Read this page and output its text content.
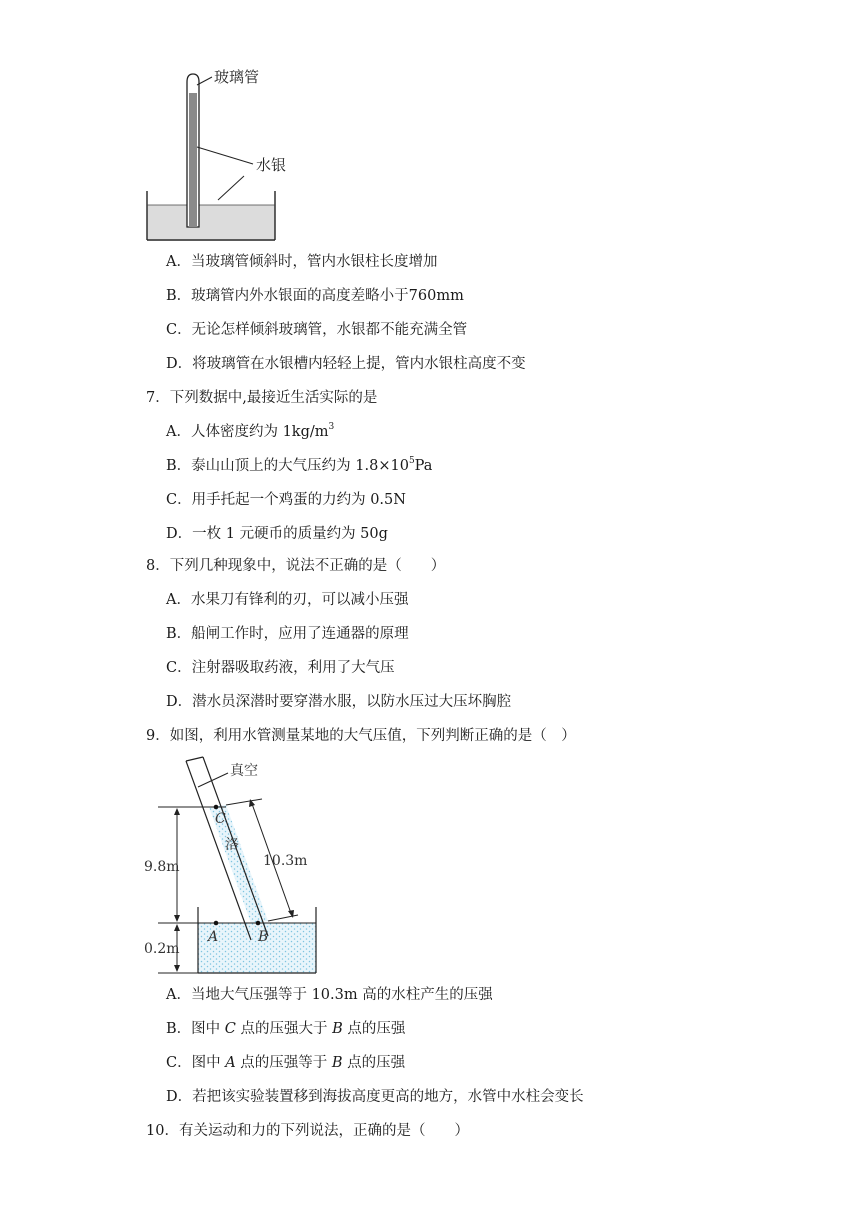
玻璃管
水银
A．当玻璃管倾斜时，管内水银柱长度增加
B．玻璃管内外水银面的高度差略小于760mm
C．无论怎样倾斜玻璃管，水银都不能充满全管
D．将玻璃管在水银槽内轻轻上提，管内水银柱高度不变
7．下列数据中,最接近生活实际的是
A．人体密度约为 $1kg/m^3$
B．泰山山顶上的大气压约为 $1.8\times 10^5Pa$
C．用手托起一个鸡蛋的力约为 0.5N
D．一枚 1 元硬币的质量约为 50g
8．下列几种现象中，说法不正确的是（　　）
A．水果刀有锋利的刃，可以减小压强
B．船闸工作时，应用了连通器的原理
C．注射器吸取药液，利用了大气压
D．潜水员深潜时要穿潜水服，以防水压过大压坏胸腔
9．如图，利用水管测量某地的大气压值，下列判断正确的是（　）
真空
C
洛
10.3m
9.8m
0.2m
A	B
A．当地大气压强等于 10.3m 高的水柱产生的压强
B．图中 C 点的压强大于 B 点的压强
C．图中 A 点的压强等于 B 点的压强
D．若把该实验装置移到海拔高度更高的地方，水管中水柱会变长
10．有关运动和力的下列说法，正确的是（　　）
